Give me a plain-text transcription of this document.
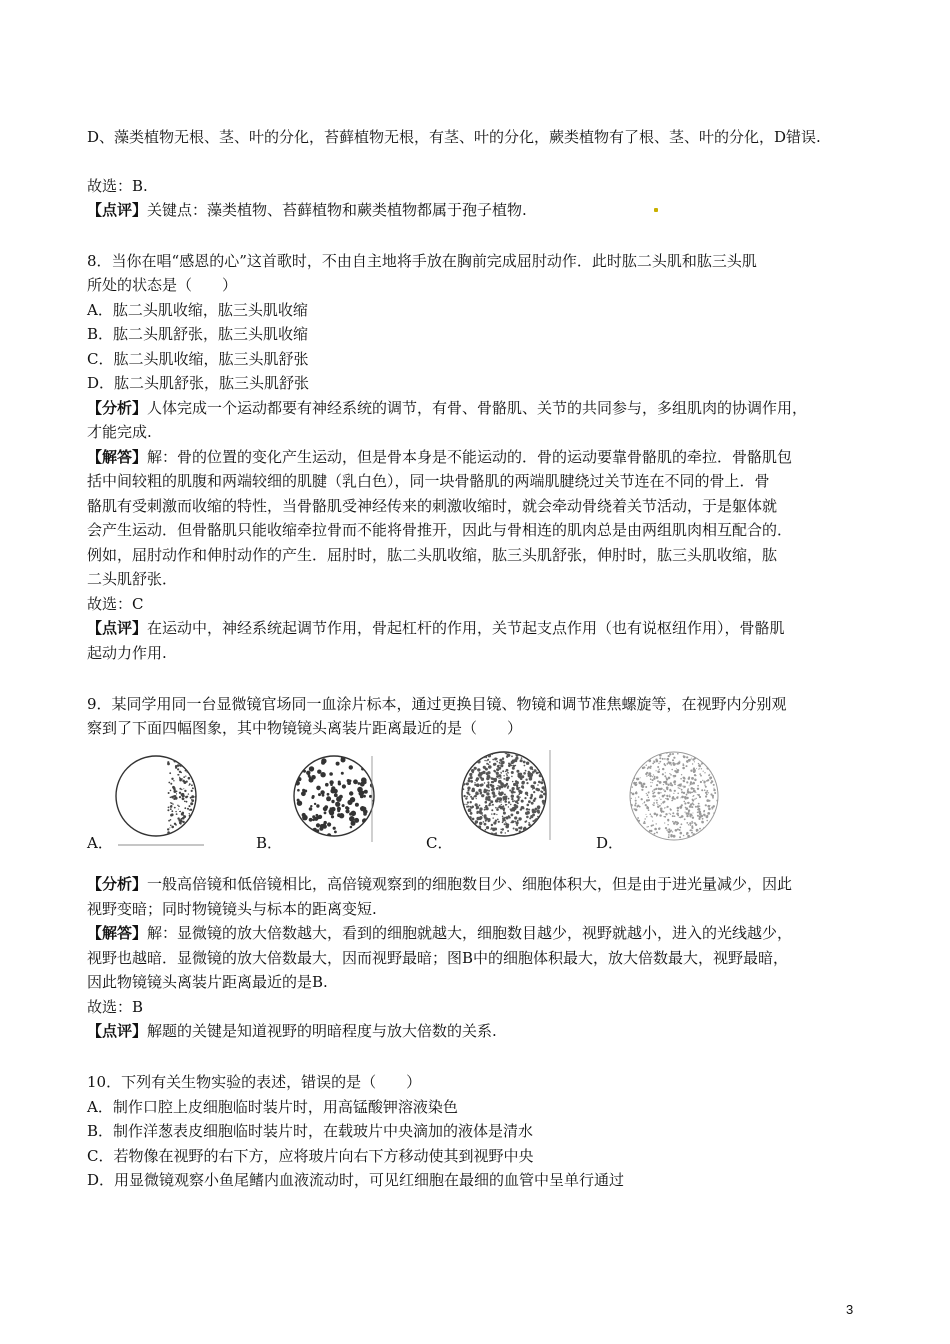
D、藻类植物无根、茎、叶的分化，苔藓植物无根，有茎、叶的分化，蕨类植物有了根、茎、叶的分化，D错误.
故选：B.
【点评】关键点：藻类植物、苔藓植物和蕨类植物都属于孢子植物.
8．当你在唱“感恩的心”这首歌时，不由自主地将手放在胸前完成屈肘动作．此时肱二头肌和肱三头肌
所处的状态是（　　）
A．肱二头肌收缩，肱三头肌收缩
B．肱二头肌舒张，肱三头肌收缩
C．肱二头肌收缩，肱三头肌舒张
D．肱二头肌舒张，肱三头肌舒张
【分析】人体完成一个运动都要有神经系统的调节，有骨、骨骼肌、关节的共同参与，多组肌肉的协调作用，
才能完成.
【解答】解：骨的位置的变化产生运动，但是骨本身是不能运动的．骨的运动要靠骨骼肌的牵拉．骨骼肌包
括中间较粗的肌腹和两端较细的肌腱（乳白色），同一块骨骼肌的两端肌腱绕过关节连在不同的骨上．骨
骼肌有受刺激而收缩的特性，当骨骼肌受神经传来的刺激收缩时，就会牵动骨绕着关节活动，于是躯体就
会产生运动．但骨骼肌只能收缩牵拉骨而不能将骨推开，因此与骨相连的肌肉总是由两组肌肉相互配合的．
例如，屈肘动作和伸肘动作的产生．屈肘时，肱二头肌收缩，肱三头肌舒张，伸肘时，肱三头肌收缩，肱
二头肌舒张．
故选：C
【点评】在运动中，神经系统起调节作用，骨起杠杆的作用，关节起支点作用（也有说枢纽作用），骨骼肌
起动力作用.
9．某同学用同一台显微镜官场同一血涂片标本，通过更换目镜、物镜和调节准焦螺旋等，在视野内分别观
察到了下面四幅图象，其中物镜镜头离装片距离最近的是（　　）
A．	B．	C．	D．
【分析】一般高倍镜和低倍镜相比，高倍镜观察到的细胞数目少、细胞体积大，但是由于进光量减少，因此
视野变暗；同时物镜镜头与标本的距离变短.
【解答】解：显微镜的放大倍数越大，看到的细胞就越大，细胞数目越少，视野就越小，进入的光线越少，
视野也越暗．显微镜的放大倍数最大，因而视野最暗；图B中的细胞体积最大，放大倍数最大，视野最暗，
因此物镜镜头离装片距离最近的是B.
故选：B
【点评】解题的关键是知道视野的明暗程度与放大倍数的关系.
10．下列有关生物实验的表述，错误的是（　　）
A．制作口腔上皮细胞临时装片时，用高锰酸钾溶液染色
B．制作洋葱表皮细胞临时装片时，在载玻片中央滴加的液体是清水
C．若物像在视野的右下方，应将玻片向右下方移动使其到视野中央
D．用显微镜观察小鱼尾鳍内血液流动时，可见红细胞在最细的血管中呈单行通过
3
